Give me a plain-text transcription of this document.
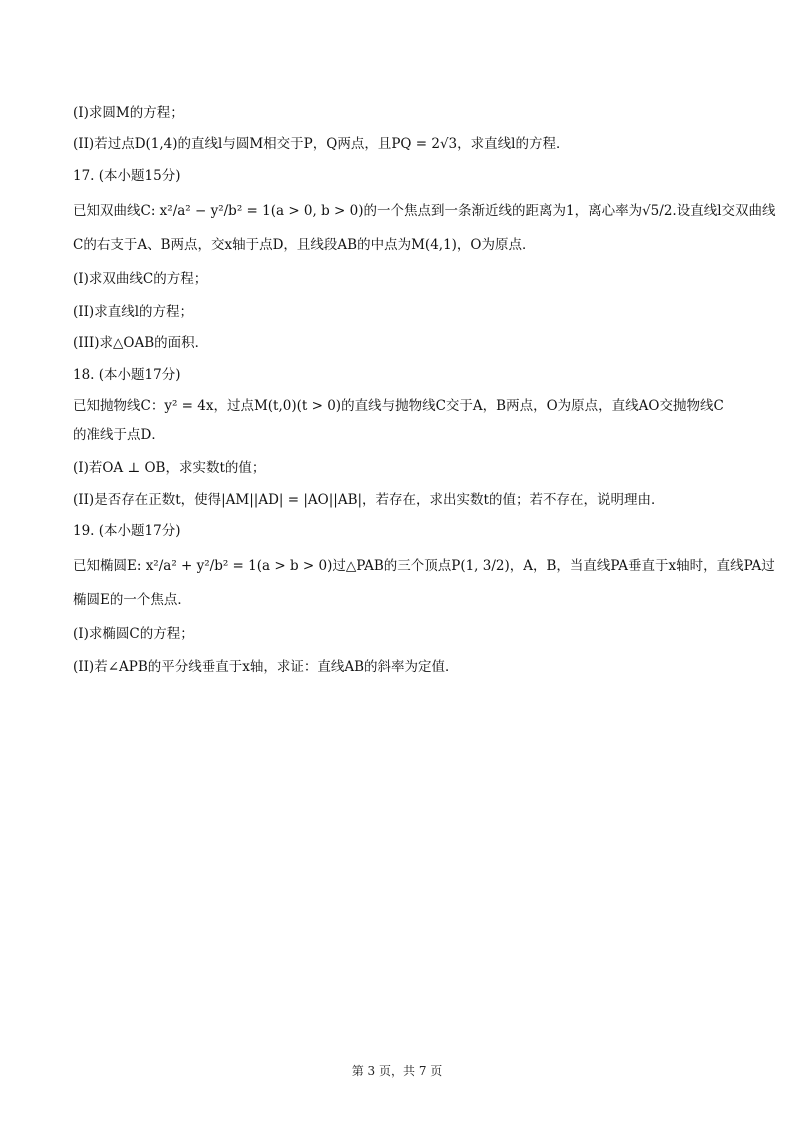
(I)求圆M的方程；
(II)若过点D(1,4)的直线l与圆M相交于P，Q两点，且PQ = 2√3，求直线l的方程．
17. (本小题15分)
已知双曲线C: x²/a² − y²/b² = 1(a > 0, b > 0)的一个焦点到一条渐近线的距离为1，离心率为√5/2.设直线l交双曲线
C的右支于A、B两点，交x轴于点D，且线段AB的中点为M(4,1)，O为原点．
(I)求双曲线C的方程；
(II)求直线l的方程；
(III)求△OAB的面积．
18. (本小题17分)
已知抛物线C：y² = 4x，过点M(t,0)(t > 0)的直线与抛物线C交于A，B两点，O为原点，直线AO交抛物线C
的准线于点D．
(I)若OA ⊥ OB，求实数t的值；
(II)是否存在正数t，使得|AM||AD| = |AO||AB|，若存在，求出实数t的值；若不存在，说明理由．
19. (本小题17分)
已知椭圆E: x²/a² + y²/b² = 1(a > b > 0)过△PAB的三个顶点P(1, 3/2)，A，B，当直线PA垂直于x轴时，直线PA过
椭圆E的一个焦点．
(I)求椭圆C的方程；
(II)若∠APB的平分线垂直于x轴，求证：直线AB的斜率为定值．
第 3 页，共 7 页
